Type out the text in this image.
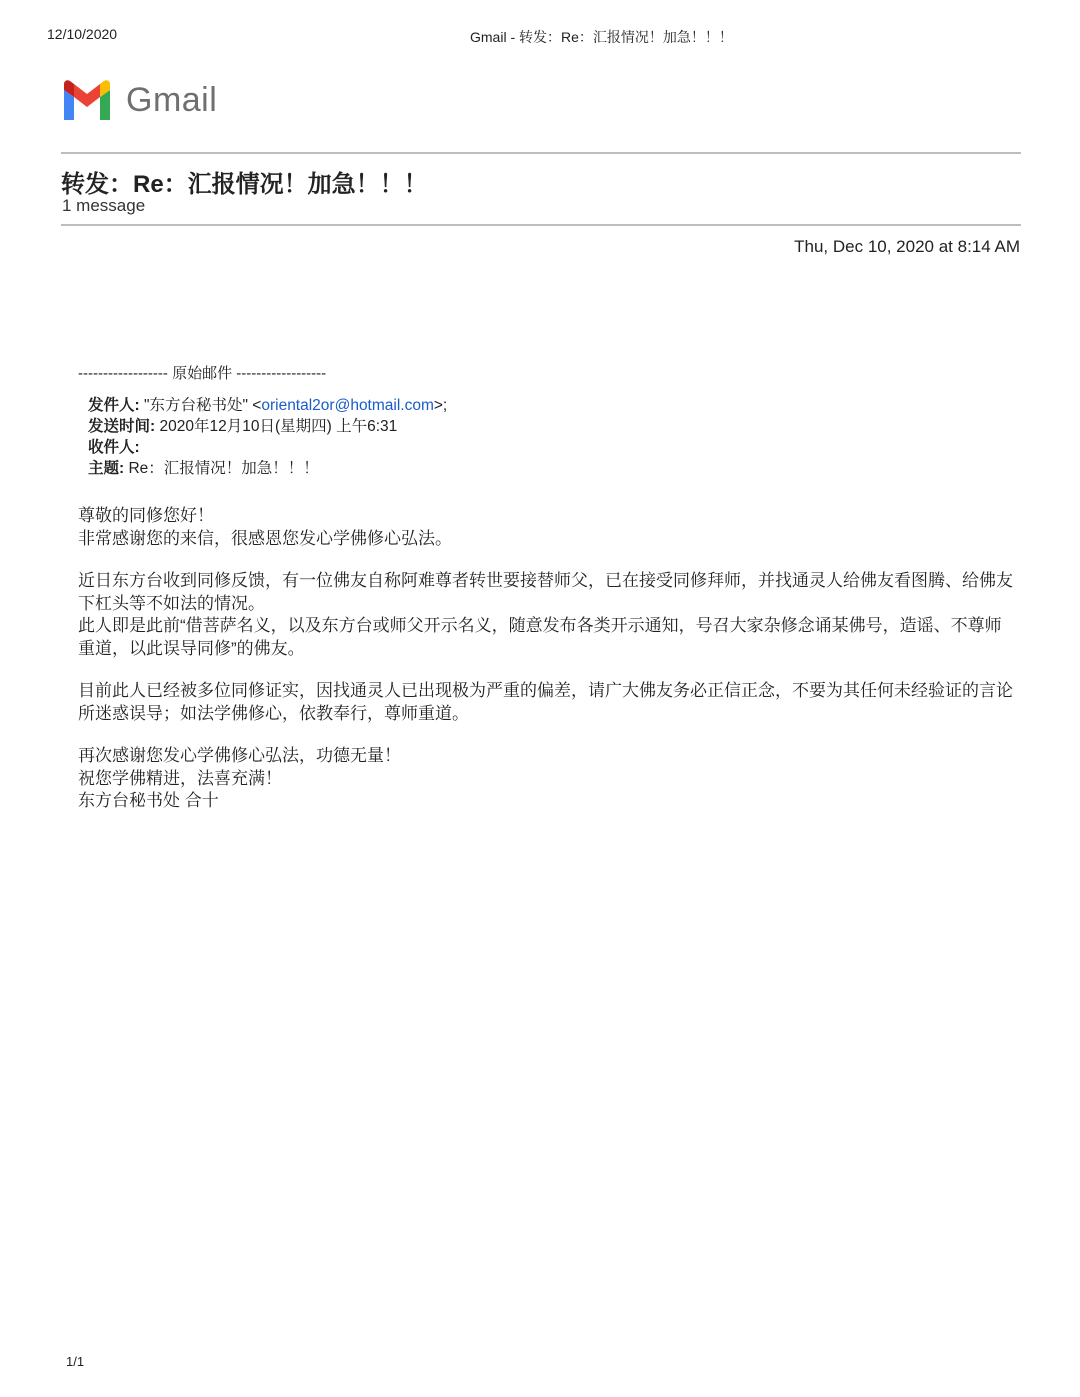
12/10/2020	Gmail - 转发：Re：汇报情况！加急！！！
Gmail
转发：Re：汇报情况！加急！！！
1 message
Thu, Dec 10, 2020 at 8:14 AM
------------------ 原始邮件 ------------------
发件人: "东方台秘书处" <oriental2or@hotmail.com>;
发送时间: 2020年12月10日(星期四) 上午6:31
收件人:
主题: Re：汇报情况！加急！！！

尊敬的同修您好！
非常感谢您的来信，很感恩您发心学佛修心弘法。

近日东方台收到同修反馈，有一位佛友自称阿难尊者转世要接替师父，已在接受同修拜师，并找通灵人给佛友看图腾、给佛友下杠头等不如法的情况。

此人即是此前“借菩萨名义，以及东方台或师父开示名义，随意发布各类开示通知，号召大家杂修念诵某佛号，造谣、不尊师重道，以此误导同修”的佛友。

目前此人已经被多位同修证实，因找通灵人已出现极为严重的偏差，请广大佛友务必正信正念，不要为其任何未经验证的言论所迷惑误导；如法学佛修心，依教奉行，尊师重道。

再次感谢您发心学佛修心弘法，功德无量！
祝您学佛精进，法喜充满！
东方台秘书处 合十

1/1
